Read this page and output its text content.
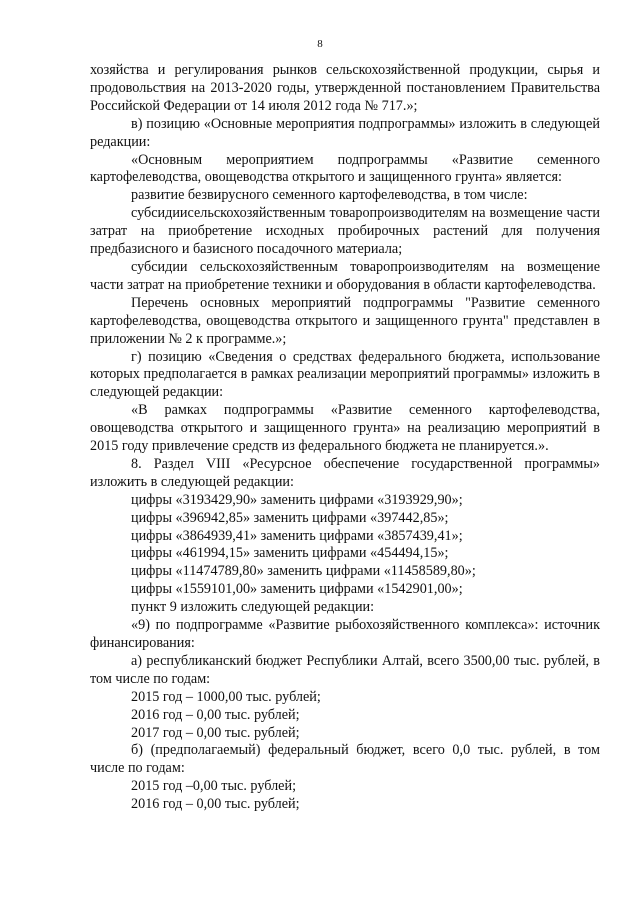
8

хозяйства и регулирования рынков сельскохозяйственной продукции, сырья и продовольствия на 2013-2020 годы, утвержденной постановлением Правительства Российской Федерации от 14 июля 2012 года № 717.»;

в) позицию «Основные мероприятия подпрограммы» изложить в следующей редакции:

«Основным мероприятием подпрограммы «Развитие семенного картофелеводства, овощеводства открытого и защищенного грунта» является:

развитие безвирусного семенного картофелеводства, в том числе:

субсидиисельскохозяйственным товаропроизводителям на возмещение части затрат на приобретение исходных пробирочных растений для получения предбазисного и базисного посадочного материала;

субсидии сельскохозяйственным товаропроизводителям на возмещение части затрат на приобретение техники и оборудования в области картофелеводства.

Перечень основных мероприятий подпрограммы "Развитие семенного картофелеводства, овощеводства открытого и защищенного грунта" представлен в приложении № 2 к программе.»;

г) позицию «Сведения о средствах федерального бюджета, использование которых предполагается в рамках реализации мероприятий программы» изложить в следующей редакции:

«В рамках подпрограммы «Развитие семенного картофелеводства, овощеводства открытого и защищенного грунта» на реализацию мероприятий в 2015 году привлечение средств из федерального бюджета не планируется.».

8. Раздел VIII «Ресурсное обеспечение государственной программы» изложить в следующей редакции:

цифры «3193429,90» заменить цифрами «3193929,90»;

цифры «396942,85» заменить цифрами «397442,85»;

цифры «3864939,41» заменить цифрами «3857439,41»;

цифры «461994,15» заменить цифрами «454494,15»;

цифры «11474789,80» заменить цифрами «11458589,80»;

цифры «1559101,00» заменить цифрами «1542901,00»;

пункт 9 изложить следующей редакции:

«9) по подпрограмме «Развитие рыбохозяйственного комплекса»: источник финансирования:

а) республиканский бюджет Республики Алтай, всего 3500,00 тыс. рублей, в том числе по годам:

2015 год – 1000,00 тыс. рублей;

2016 год – 0,00 тыс. рублей;

2017 год – 0,00 тыс. рублей;

б) (предполагаемый) федеральный бюджет, всего 0,0 тыс. рублей, в том числе по годам:

2015 год –0,00 тыс. рублей;

2016 год – 0,00 тыс. рублей;
